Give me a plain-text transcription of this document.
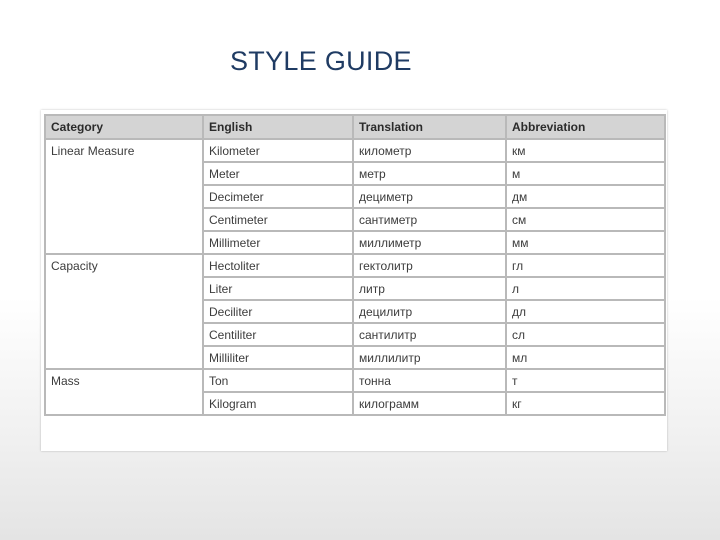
STYLE GUIDE
Category	English	Translation	Abbreviation
Linear Measure	Kilometer	километр	км
	Meter	метр	м
	Decimeter	дециметр	дм
	Centimeter	сантиметр	см
	Millimeter	миллиметр	мм
Capacity	Hectoliter	гектолитр	гл
	Liter	литр	л
	Deciliter	децилитр	дл
	Centiliter	сантилитр	сл
	Milliliter	миллилитр	мл
Mass	Ton	тонна	т
	Kilogram	килограмм	кг
